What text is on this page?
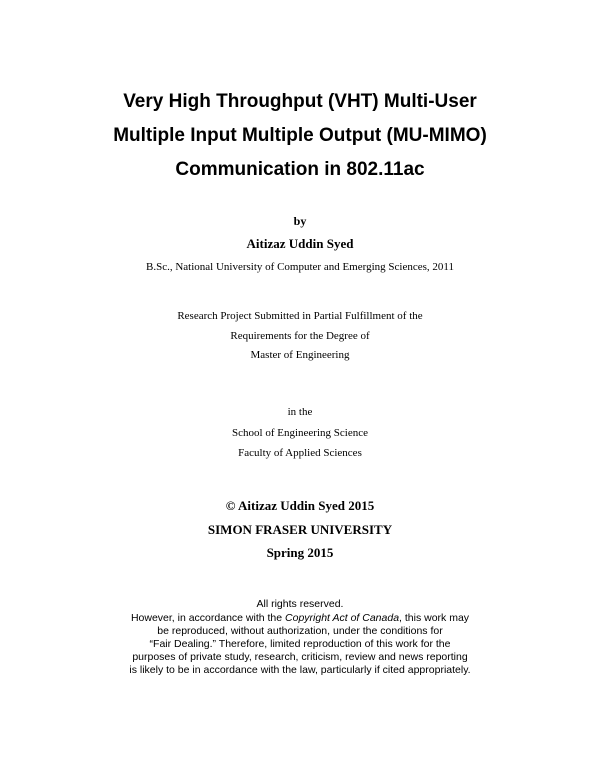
Very High Throughput (VHT) Multi-User
Multiple Input Multiple Output (MU-MIMO)
Communication in 802.11ac
by
Aitizaz Uddin Syed
B.Sc., National University of Computer and Emerging Sciences, 2011
Research Project Submitted in Partial Fulfillment of the
Requirements for the Degree of
Master of Engineering
in the
School of Engineering Science
Faculty of Applied Sciences
© Aitizaz Uddin Syed 2015
SIMON FRASER UNIVERSITY
Spring 2015
All rights reserved.
However, in accordance with the Copyright Act of Canada, this work may
be reproduced, without authorization, under the conditions for
“Fair Dealing.” Therefore, limited reproduction of this work for the
purposes of private study, research, criticism, review and news reporting
is likely to be in accordance with the law, particularly if cited appropriately.
